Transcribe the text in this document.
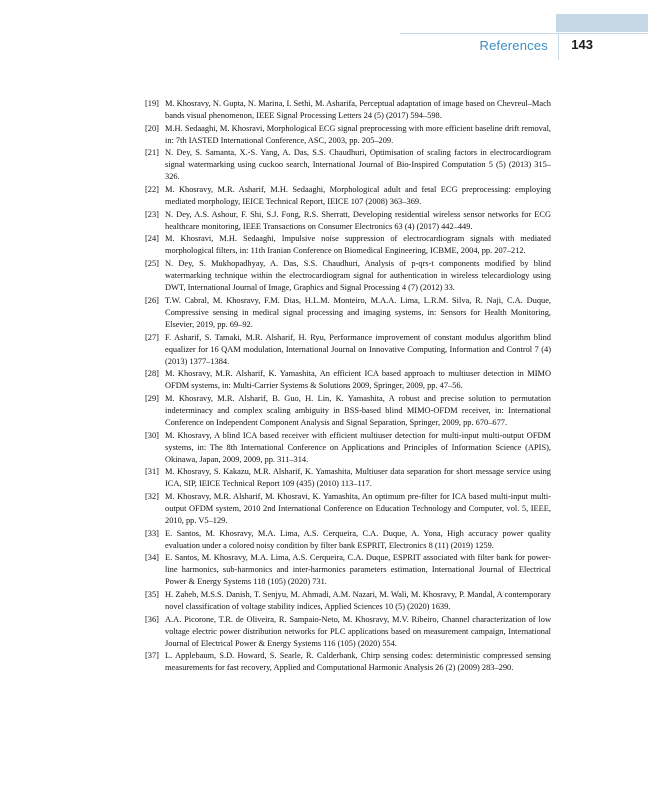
References 143
[19] M. Khosravy, N. Gupta, N. Marina, I. Sethi, M. Asharifa, Perceptual adaptation of image based on Chevreul–Mach bands visual phenomenon, IEEE Signal Processing Letters 24 (5) (2017) 594–598.
[20] M.H. Sedaaghi, M. Khosravi, Morphological ECG signal preprocessing with more efficient baseline drift removal, in: 7th IASTED International Conference, ASC, 2003, pp. 205–209.
[21] N. Dey, S. Samanta, X.-S. Yang, A. Das, S.S. Chaudhuri, Optimisation of scaling factors in electrocardiogram signal watermarking using cuckoo search, International Journal of Bio-Inspired Computation 5 (5) (2013) 315–326.
[22] M. Khosravy, M.R. Asharif, M.H. Sedaaghi, Morphological adult and fetal ECG preprocessing: employing mediated morphology, IEICE Technical Report, IEICE 107 (2008) 363–369.
[23] N. Dey, A.S. Ashour, F. Shi, S.J. Fong, R.S. Sherratt, Developing residential wireless sensor networks for ECG healthcare monitoring, IEEE Transactions on Consumer Electronics 63 (4) (2017) 442–449.
[24] M. Khosravi, M.H. Sedaaghi, Impulsive noise suppression of electrocardiogram signals with mediated morphological filters, in: 11th Iranian Conference on Biomedical Engineering, ICBME, 2004, pp. 207–212.
[25] N. Dey, S. Mukhopadhyay, A. Das, S.S. Chaudhuri, Analysis of p-qrs-t components modified by blind watermarking technique within the electrocardiogram signal for authentication in wireless telecardiology using DWT, International Journal of Image, Graphics and Signal Processing 4 (7) (2012) 33.
[26] T.W. Cabral, M. Khosravy, F.M. Dias, H.L.M. Monteiro, M.A.A. Lima, L.R.M. Silva, R. Naji, C.A. Duque, Compressive sensing in medical signal processing and imaging systems, in: Sensors for Health Monitoring, Elsevier, 2019, pp. 69–92.
[27] F. Asharif, S. Tamaki, M.R. Alsharif, H. Ryu, Performance improvement of constant modulus algorithm blind equalizer for 16 QAM modulation, International Journal on Innovative Computing, Information and Control 7 (4) (2013) 1377–1384.
[28] M. Khosravy, M.R. Alsharif, K. Yamashita, An efficient ICA based approach to multiuser detection in MIMO OFDM systems, in: Multi-Carrier Systems & Solutions 2009, Springer, 2009, pp. 47–56.
[29] M. Khosravy, M.R. Alsharif, B. Guo, H. Lin, K. Yamashita, A robust and precise solution to permutation indeterminacy and complex scaling ambiguity in BSS-based blind MIMO-OFDM receiver, in: International Conference on Independent Component Analysis and Signal Separation, Springer, 2009, pp. 670–677.
[30] M. Khosravy, A blind ICA based receiver with efficient multiuser detection for multi-input multi-output OFDM systems, in: The 8th International Conference on Applications and Principles of Information Science (APIS), Okinawa, Japan, 2009, 2009, pp. 311–314.
[31] M. Khosravy, S. Kakazu, M.R. Alsharif, K. Yamashita, Multiuser data separation for short message service using ICA, SIP, IEICE Technical Report 109 (435) (2010) 113–117.
[32] M. Khosravy, M.R. Alsharif, M. Khosravi, K. Yamashita, An optimum pre-filter for ICA based multi-input multi-output OFDM system, 2010 2nd International Conference on Education Technology and Computer, vol. 5, IEEE, 2010, pp. V5–129.
[33] E. Santos, M. Khosravy, M.A. Lima, A.S. Cerqueira, C.A. Duque, A. Yona, High accuracy power quality evaluation under a colored noisy condition by filter bank ESPRIT, Electronics 8 (11) (2019) 1259.
[34] E. Santos, M. Khosravy, M.A. Lima, A.S. Cerqueira, C.A. Duque, ESPRIT associated with filter bank for power-line harmonics, sub-harmonics and inter-harmonics parameters estimation, International Journal of Electrical Power & Energy Systems 118 (105) (2020) 731.
[35] H. Zaheb, M.S.S. Danish, T. Senjyu, M. Ahmadi, A.M. Nazari, M. Wali, M. Khosravy, P. Mandal, A contemporary novel classification of voltage stability indices, Applied Sciences 10 (5) (2020) 1639.
[36] A.A. Picorone, T.R. de Oliveira, R. Sampaio-Neto, M. Khosravy, M.V. Ribeiro, Channel characterization of low voltage electric power distribution networks for PLC applications based on measurement campaign, International Journal of Electrical Power & Energy Systems 116 (105) (2020) 554.
[37] L. Applebaum, S.D. Howard, S. Searle, R. Calderbank, Chirp sensing codes: deterministic compressed sensing measurements for fast recovery, Applied and Computational Harmonic Analysis 26 (2) (2009) 283–290.
